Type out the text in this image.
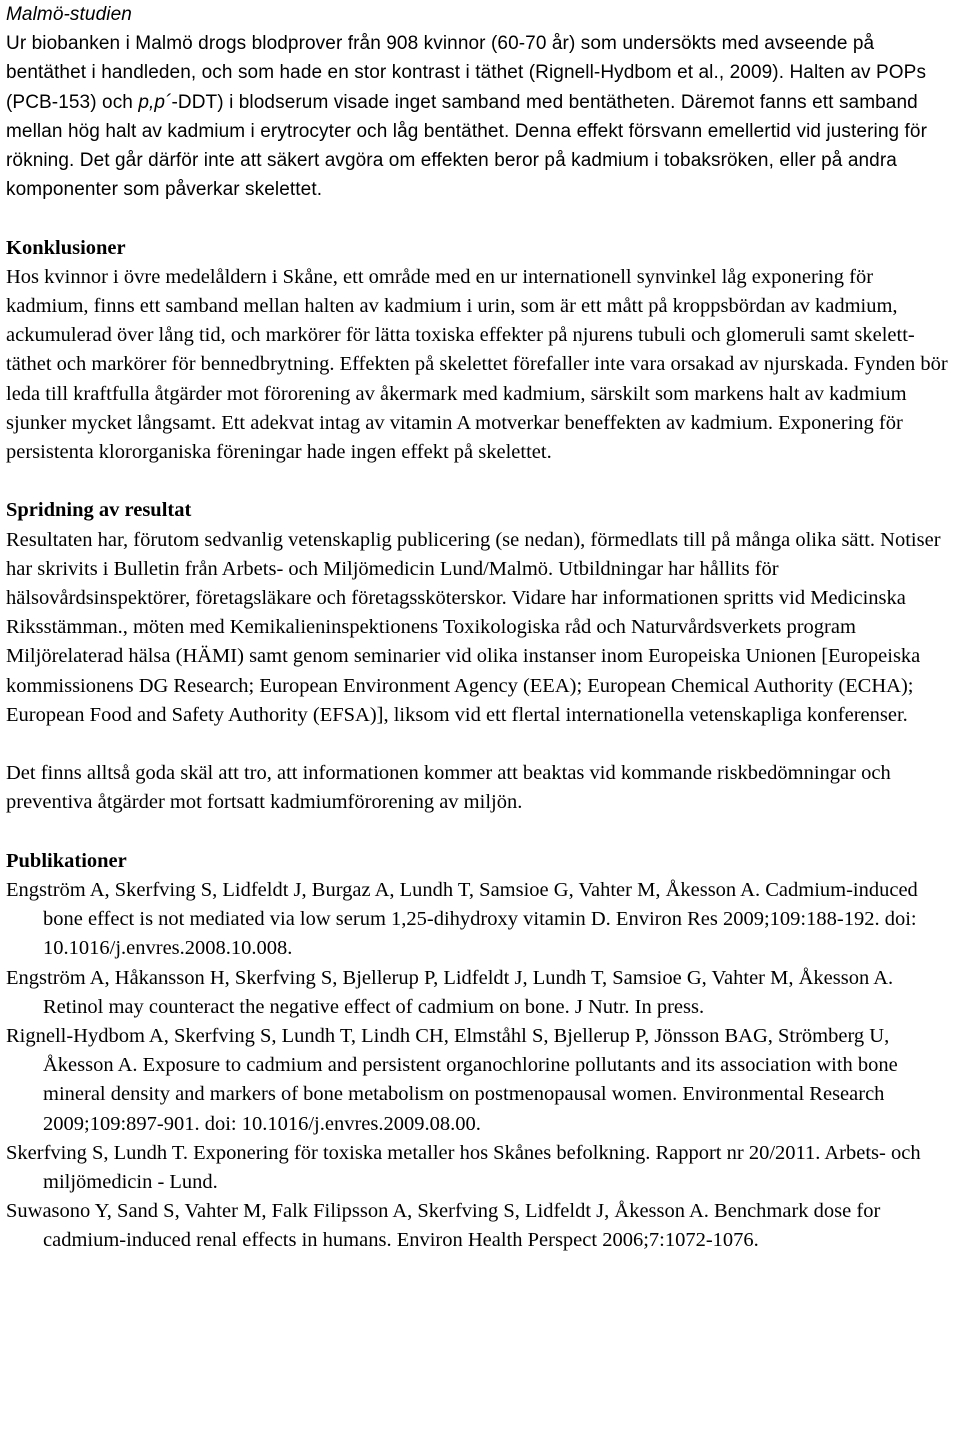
Malmö-studien

Ur biobanken i Malmö drogs blodprover från 908 kvinnor (60-70 år) som undersökts med avseende på bentäthet i handleden, och som hade en stor kontrast i täthet (Rignell-Hydbom et al., 2009). Halten av POPs (PCB-153) och p,p´-DDT) i blodserum visade inget samband med bentätheten. Däremot fanns ett samband mellan hög halt av kadmium i erytrocyter och låg bentäthet. Denna effekt försvann emellertid vid justering för rökning. Det går därför inte att säkert avgöra om effekten beror på kadmium i tobaksröken, eller på andra komponenter som påverkar skelettet.

Konklusioner

Hos kvinnor i övre medelåldern i Skåne, ett område med en ur internationell synvinkel låg exponering för kadmium, finns ett samband mellan halten av kadmium i urin, som är ett mått på kroppsbördan av kadmium, ackumulerad över lång tid, och markörer för lätta toxiska effekter på njurens tubuli och glomeruli samt skelett-täthet och markörer för bennedbrytning. Effekten på skelettet förefaller inte vara orsakad av njurskada. Fynden bör leda till kraftfulla åtgärder mot förorening av åkermark med kadmium, särskilt som markens halt av kadmium sjunker mycket långsamt. Ett adekvat intag av vitamin A motverkar beneffekten av kadmium. Exponering för persistenta klororganiska föreningar hade ingen effekt på skelettet.

Spridning av resultat

Resultaten har, förutom sedvanlig vetenskaplig publicering (se nedan), förmedlats till på många olika sätt. Notiser har skrivits i Bulletin från Arbets- och Miljömedicin Lund/Malmö. Utbildningar har hållits för hälsovårdsinspektörer, företagsläkare och företagssköterskor. Vidare har informationen spritts vid Medicinska Riksstämman., möten med Kemikalieninspektionens Toxikologiska råd och Naturvårdsverkets program Miljörelaterad hälsa (HÄMI) samt genom seminarier vid olika instanser inom Europeiska Unionen [Europeiska kommissionens DG Research; European Environment Agency (EEA); European Chemical Authority (ECHA); European Food and Safety Authority (EFSA)], liksom vid ett flertal internationella vetenskapliga konferenser.

Det finns alltså goda skäl att tro, att informationen kommer att beaktas vid kommande riskbedömningar och preventiva åtgärder mot fortsatt kadmiumförorening av miljön.

Publikationer

Engström A, Skerfving S, Lidfeldt J, Burgaz A, Lundh T, Samsioe G, Vahter M, Åkesson A. Cadmium-induced bone effect is not mediated via low serum 1,25-dihydroxy vitamin D. Environ Res 2009;109:188-192. doi: 10.1016/j.envres.2008.10.008.

Engström A, Håkansson H, Skerfving S, Bjellerup P, Lidfeldt J, Lundh T, Samsioe G, Vahter M, Åkesson A. Retinol may counteract the negative effect of cadmium on bone. J Nutr. In press.

Rignell-Hydbom A, Skerfving S, Lundh T, Lindh CH, Elmståhl S, Bjellerup P, Jönsson BAG, Strömberg U, Åkesson A. Exposure to cadmium and persistent organochlorine pollutants and its association with bone mineral density and markers of bone metabolism on postmenopausal women. Environmental Research 2009;109:897-901. doi: 10.1016/j.envres.2009.08.00.

Skerfving S, Lundh T. Exponering för toxiska metaller hos Skånes befolkning. Rapport nr 20/2011. Arbets- och miljömedicin - Lund.

Suwasono Y, Sand S, Vahter M, Falk Filipsson A, Skerfving S, Lidfeldt J, Åkesson A. Benchmark dose for cadmium-induced renal effects in humans. Environ Health Perspect 2006;7:1072-1076.
